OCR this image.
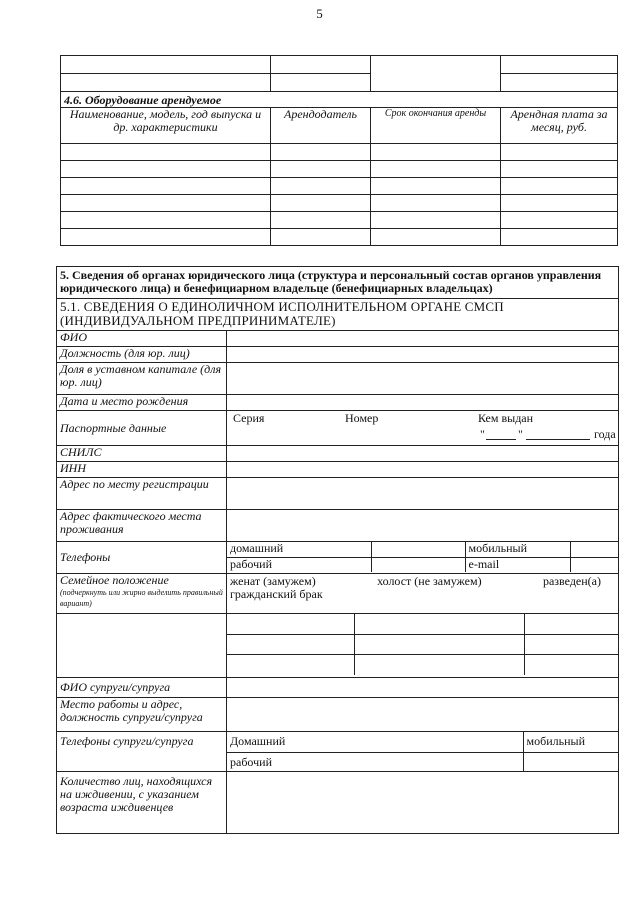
5

4.6. Оборудование арендуемое			
Наименование, модель, год выпуска и др. характеристики	Арендодатель	Срок окончания аренды	Арендная плата за месяц, руб.

5. Сведения об органах юридического лица (структура и персональный состав органов управления юридического лица) и бенефициарном владельце (бенефициарных владельцах)
5.1. СВЕДЕНИЯ О ЕДИНОЛИЧНОМ ИСПОЛНИТЕЛЬНОМ ОРГАНЕ СМСП (ИНДИВИДУАЛЬНОМ ПРЕДПРИНИМАТЕЛЕ)
ФИО	
Должность (для юр. лиц)	
Доля в уставном капитале (для юр. лиц)	
Дата и место рождения	
Паспортные данные	
Серия	Номер	Кем выдан
"	"	года

СНИЛС	
ИНН	
Адрес по месту регистрации	
Адрес фактического места проживания	
Телефоны	
домашний		мобильный	
рабочий		e-mail	

Семейное положение
(подчеркнуть или жирно выделить правильный вариант)

женат (замужем)	холост (не замужем)	разведен(а)
гражданский брак

ФИО супруги/супруга	
Место работы и адрес, должность супруги/супруга	
Телефоны супруги/супруга		Домашний	мобильный
рабочий	

Количество лиц, находящихся на иждивении, с указанием возраста иждивенцев	
